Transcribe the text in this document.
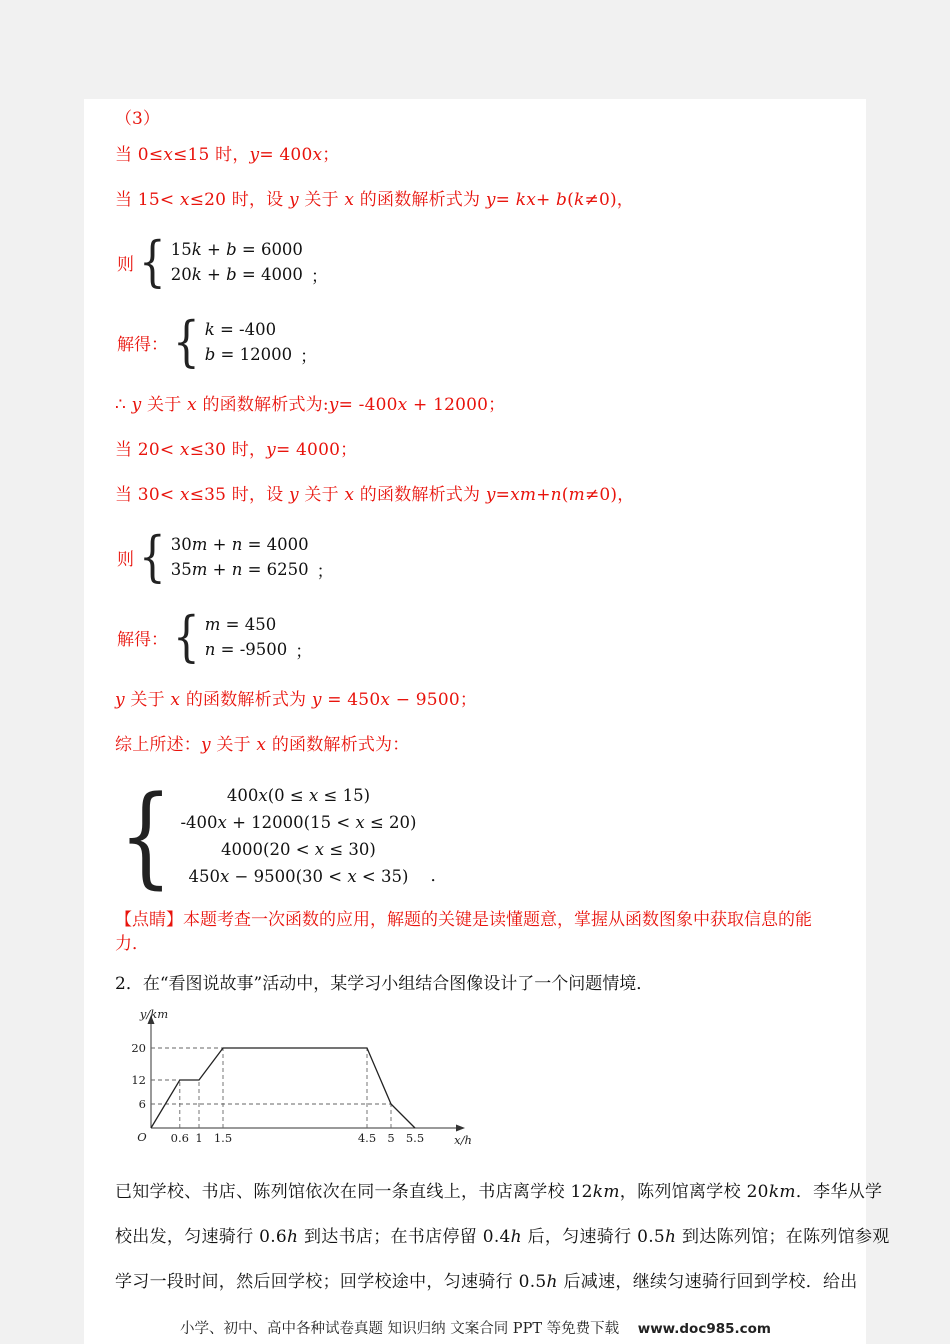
（3）
当 0≤x≤15 时，y= 400x；
当 15< x≤20 时，设 y 关于 x 的函数解析式为 y= kx+ b(k≠0)，
则 { 15k + b = 6000
20k + b = 4000 ；
解得： { k = -400
b = 12000 ；
∴ y 关于 x 的函数解析式为:y= -400x + 12000；
当 20< x≤30 时，y= 4000；
当 30< x≤35 时，设 y 关于 x 的函数解析式为 y=xm+n(m≠0)，
则 { 30m + n = 4000
35m + n = 6250 ；
解得： { m = 450
n = -9500 ；
y 关于 x 的函数解析式为 y = 450x − 9500；
综上所述：y 关于 x 的函数解析式为：
{	400x(0 ≤ x ≤ 15)
-400x + 12000(15 < x ≤ 20)
4000(20 < x ≤ 30)
450x − 9500(30 < x < 35) ．
【点睛】本题考查一次函数的应用，解题的关键是读懂题意，掌握从函数图象中获取信息的能力．
2．在“看图说故事”活动中，某学习小组结合图像设计了一个问题情境．
6
12
20
0.6 1 1.5	4.5 5 5.5
y/km
x/h
O
已知学校、书店、陈列馆依次在同一条直线上，书店离学校 12km，陈列馆离学校 20km．李华从学
校出发，匀速骑行 0.6h 到达书店；在书店停留 0.4h 后，匀速骑行 0.5h 到达陈列馆；在陈列馆参观
学习一段时间，然后回学校；回学校途中，匀速骑行 0.5h 后减速，继续匀速骑行回到学校．给出
小学、初中、高中各种试卷真题 知识归纳 文案合同 PPT 等免费下载 www.doc985.com
